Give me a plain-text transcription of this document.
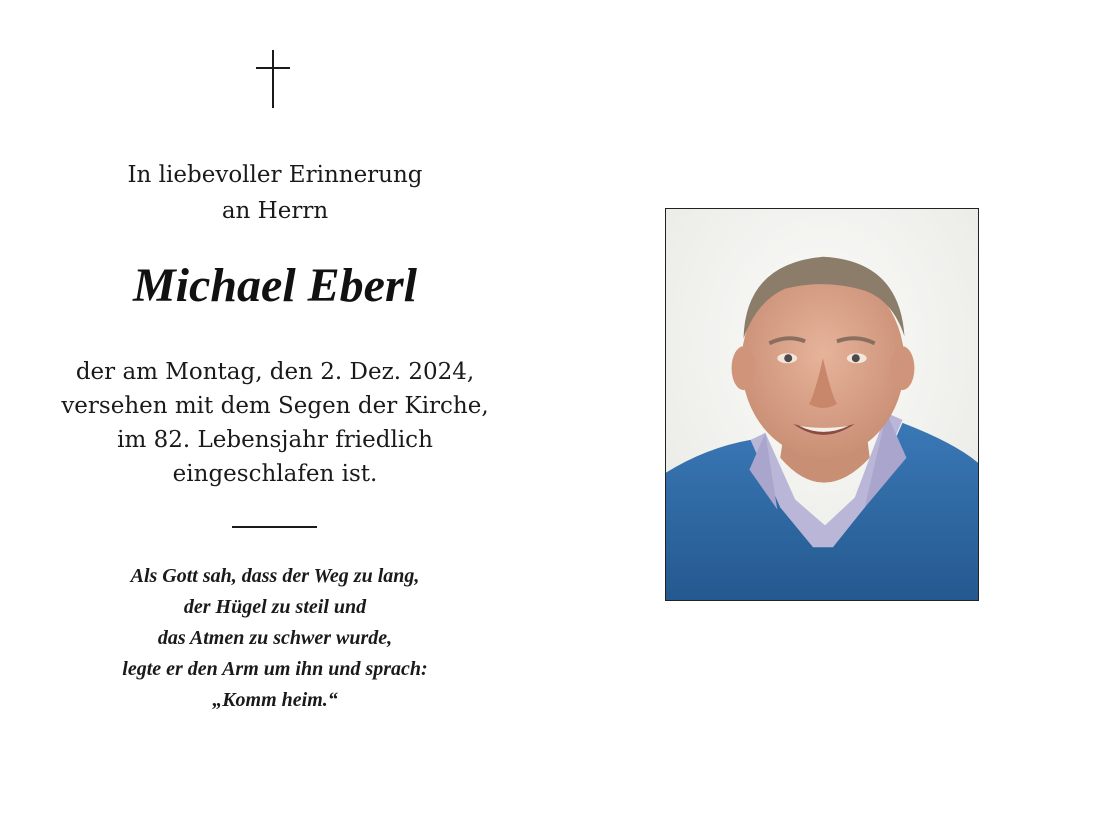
In liebevoller Erinnerung
an Herrn
Michael Eberl
der am Montag, den 2. Dez. 2024,
versehen mit dem Segen der Kirche,
im 82. Lebensjahr friedlich
eingeschlafen ist.
Als Gott sah, dass der Weg zu lang,
der Hügel zu steil und
das Atmen zu schwer wurde,
legte er den Arm um ihn und sprach:
„Komm heim.“
